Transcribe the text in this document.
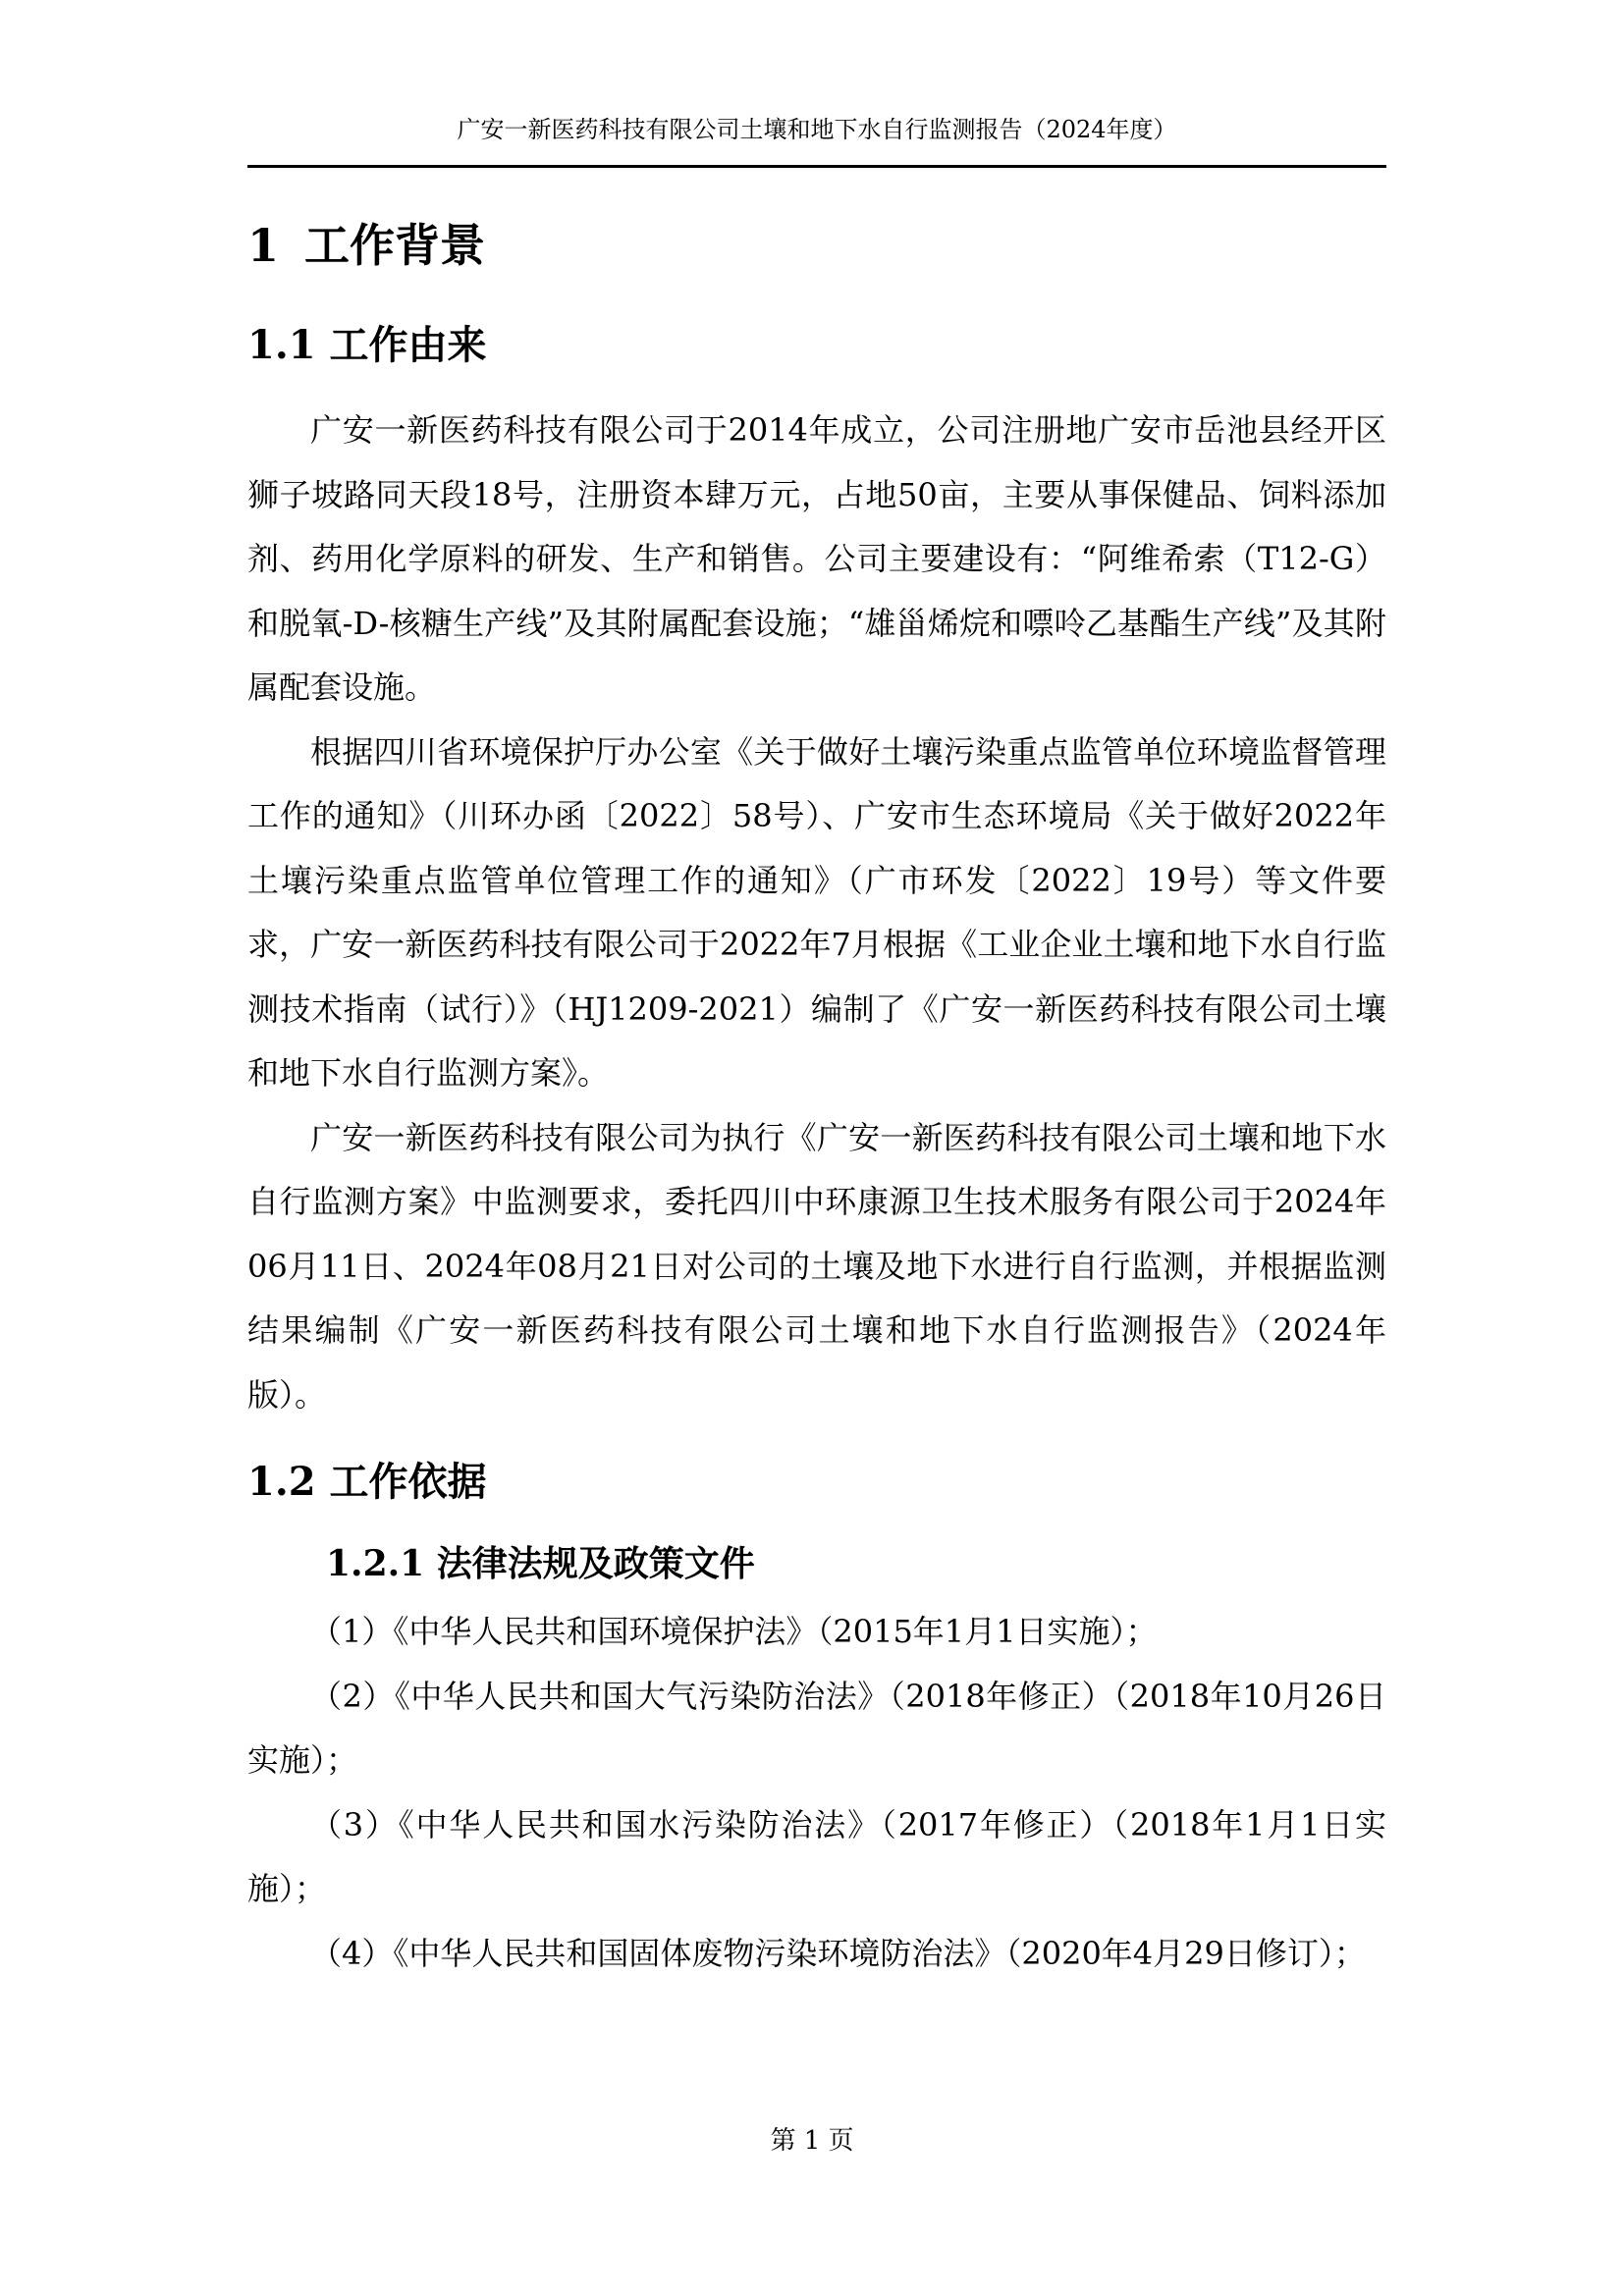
广安一新医药科技有限公司土壤和地下水自行监测报告（2024年度）
1 工作背景
1.1 工作由来

广安一新医药科技有限公司于2014年成立，公司注册地广安市岳池县经开区狮子坡路同天段18号，注册资本肆万元，占地50亩，主要从事保健品、饲料添加剂、药用化学原料的研发、生产和销售。公司主要建设有：“阿维希索（T12-G）和脱氧-D-核糖生产线”及其附属配套设施；“雄甾烯烷和嘌呤乙基酯生产线”及其附属配套设施。

根据四川省环境保护厅办公室《关于做好土壤污染重点监管单位环境监督管理工作的通知》（川环办函〔2022〕58号）、广安市生态环境局《关于做好2022年土壤污染重点监管单位管理工作的通知》（广市环发〔2022〕19号）等文件要求，广安一新医药科技有限公司于2022年7月根据《工业企业土壤和地下水自行监测技术指南（试行）》（HJ1209-2021）编制了《广安一新医药科技有限公司土壤和地下水自行监测方案》。

广安一新医药科技有限公司为执行《广安一新医药科技有限公司土壤和地下水自行监测方案》中监测要求，委托四川中环康源卫生技术服务有限公司于2024年06月11日、2024年08月21日对公司的土壤及地下水进行自行监测，并根据监测结果编制《广安一新医药科技有限公司土壤和地下水自行监测报告》（2024年版）。

1.2 工作依据
1.2.1 法律法规及政策文件

（1）《中华人民共和国环境保护法》（2015年1月1日实施）；

（2）《中华人民共和国大气污染防治法》（2018年修正）（2018年10月26日实施）；

（3）《中华人民共和国水污染防治法》（2017年修正）（2018年1月1日实施）；

（4）《中华人民共和国固体废物污染环境防治法》（2020年4月29日修订）；

第 1 页
